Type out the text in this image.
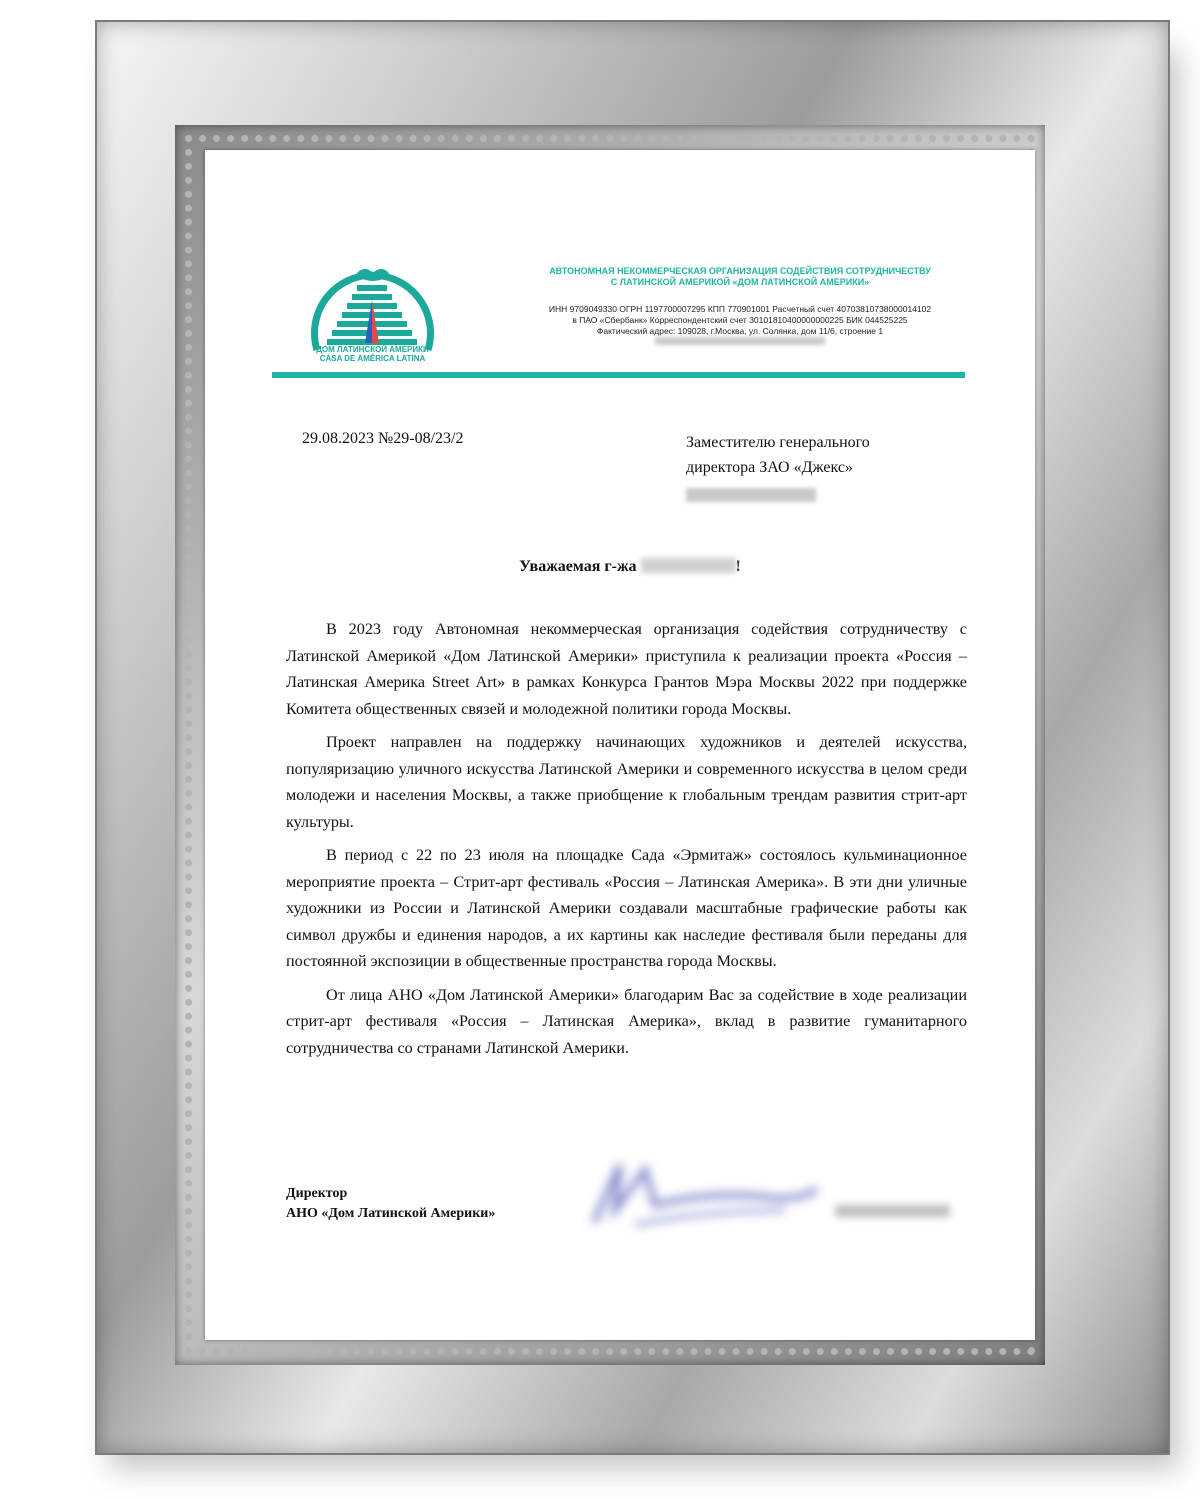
ДОМ ЛАТИНСКОЙ АМЕРИКИ
CASA DE AMÉRICA LATINA
АВТОНОМНАЯ НЕКОММЕРЧЕСКАЯ ОРГАНИЗАЦИЯ СОДЕЙСТВИЯ СОТРУДНИЧЕСТВУ
С ЛАТИНСКОЙ АМЕРИКОЙ «ДОМ ЛАТИНСКОЙ АМЕРИКИ»
ИНН 9709049330 ОГРН 1197700007295 КПП 770901001 Расчетный счет 40703810738000014102
в ПАО «Сбербанк» Корреспондентский счет 30101810400000000225 БИК 044525225
Фактический адрес: 109028, г.Москва, ул. Солянка, дом 11/6, строение 1
29.08.2023 №29-08/23/2	Заместителю генерального
директора ЗАО «Джекс»
Уважаемая г-жа	!

В 2023 году Автономная некоммерческая организация содействия сотрудничеству с Латинской Америкой «Дом Латинской Америки» приступила к реализации проекта «Россия – Латинская Америка Street Art» в рамках Конкурса Грантов Мэра Москвы 2022 при поддержке Комитета общественных связей и молодежной политики города Москвы.

Проект направлен на поддержку начинающих художников и деятелей искусства, популяризацию уличного искусства Латинской Америки и современного искусства в целом среди молодежи и населения Москвы, а также приобщение к глобальным трендам развития стрит-арт культуры.

В период с 22 по 23 июля на площадке Сада «Эрмитаж» состоялось кульминационное мероприятие проекта – Стрит-арт фестиваль «Россия – Латинская Америка». В эти дни уличные художники из России и Латинской Америки создавали масштабные графические работы как символ дружбы и единения народов, а их картины как наследие фестиваля были переданы для постоянной экспозиции в общественные пространства города Москвы.

От лица АНО «Дом Латинской Америки» благодарим Вас за содействие в ходе реализации стрит-арт фестиваля «Россия – Латинская Америка», вклад в развитие гуманитарного сотрудничества со странами Латинской Америки.

Директор
АНО «Дом Латинской Америки»
